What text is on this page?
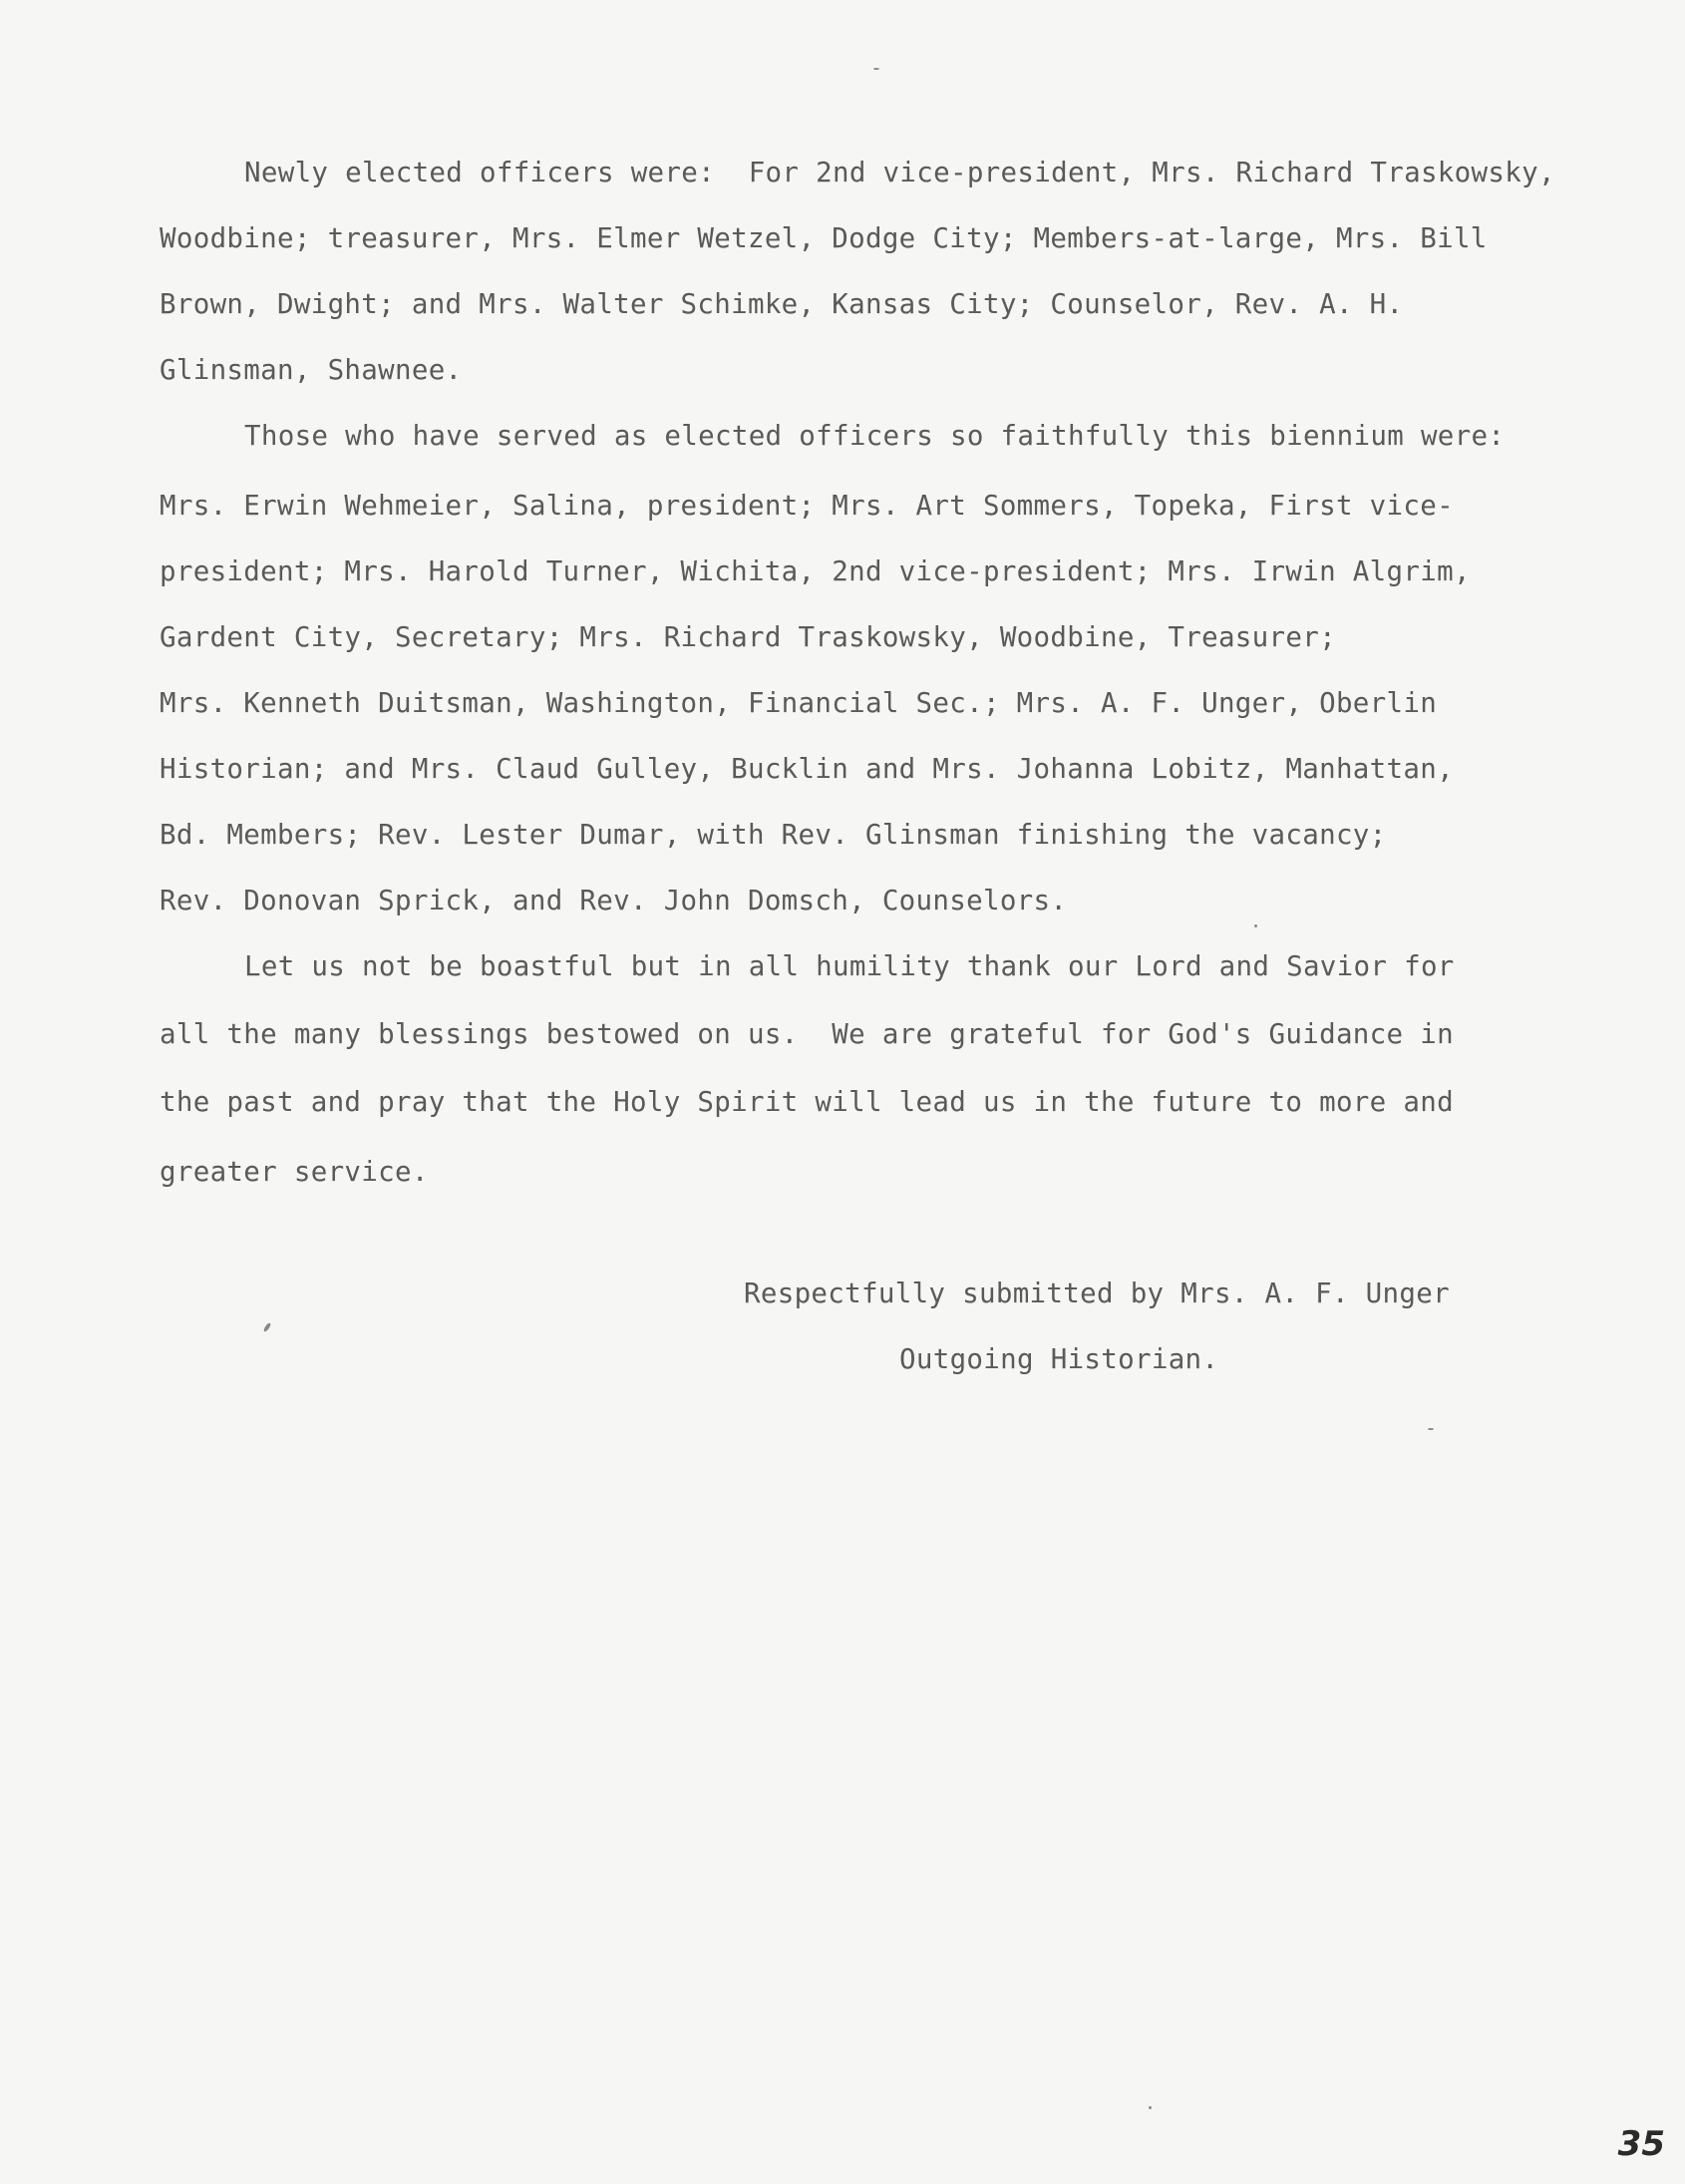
Newly elected officers were:  For 2nd vice-president, Mrs. Richard Traskowsky,
Woodbine; treasurer, Mrs. Elmer Wetzel, Dodge City; Members-at-large, Mrs. Bill
Brown, Dwight; and Mrs. Walter Schimke, Kansas City; Counselor, Rev. A. H.
Glinsman, Shawnee.
Those who have served as elected officers so faithfully this biennium were:
Mrs. Erwin Wehmeier, Salina, president; Mrs. Art Sommers, Topeka, First vice-
president; Mrs. Harold Turner, Wichita, 2nd vice-president; Mrs. Irwin Algrim,
Gardent City, Secretary; Mrs. Richard Traskowsky, Woodbine, Treasurer;
Mrs. Kenneth Duitsman, Washington, Financial Sec.; Mrs. A. F. Unger, Oberlin
Historian; and Mrs. Claud Gulley, Bucklin and Mrs. Johanna Lobitz, Manhattan,
Bd. Members; Rev. Lester Dumar, with Rev. Glinsman finishing the vacancy;
Rev. Donovan Sprick, and Rev. John Domsch, Counselors.
Let us not be boastful but in all humility thank our Lord and Savior for
all the many blessings bestowed on us.  We are grateful for God's Guidance in
the past and pray that the Holy Spirit will lead us in the future to more and
greater service.
Respectfully submitted by Mrs. A. F. Unger
Outgoing Historian.
35
